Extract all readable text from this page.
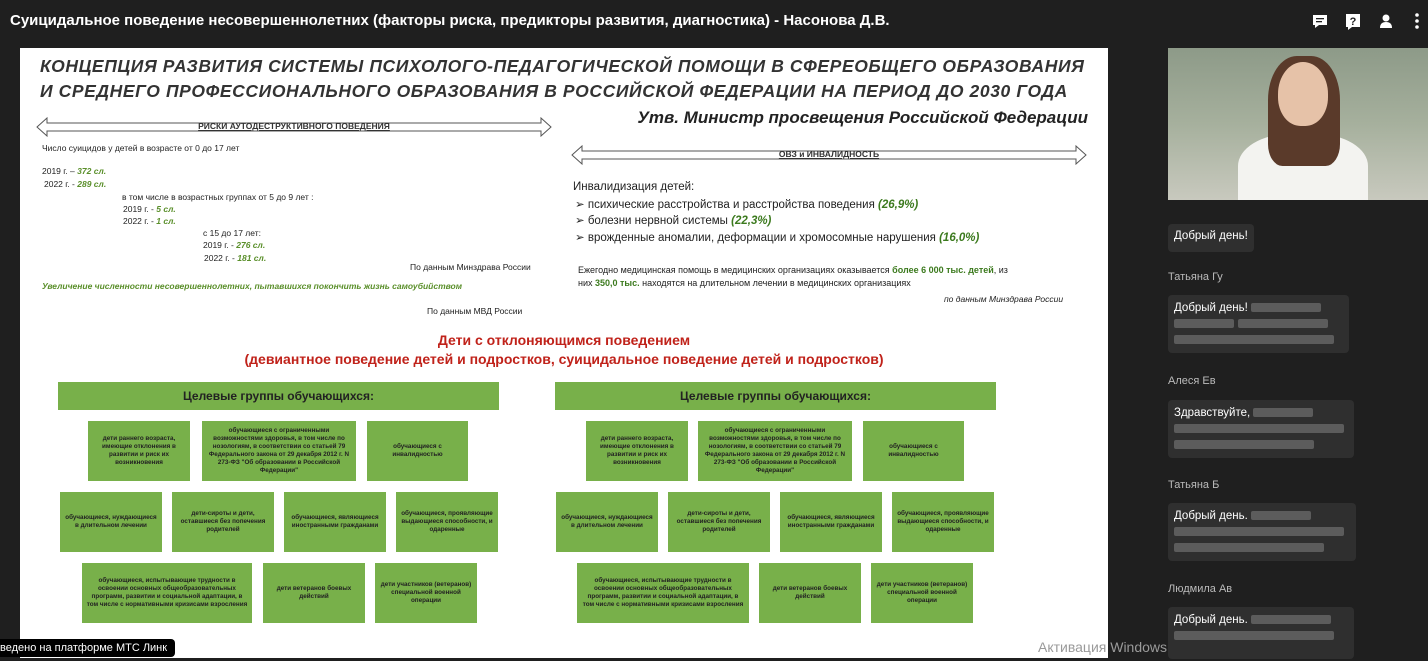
Суицидальное поведение несовершеннолетних (факторы риска, предикторы развития, диагностика) - Насонова Д.В.	?
КОНЦЕПЦИЯ РАЗВИТИЯ СИСТЕМЫ ПСИХОЛОГО-ПЕДАГОГИЧЕСКОЙ ПОМОЩИ В СФЕРЕОБЩЕГО ОБРАЗОВАНИЯ И СРЕДНЕГО ПРОФЕССИОНАЛЬНОГО ОБРАЗОВАНИЯ В РОССИЙСКОЙ ФЕДЕРАЦИИ НА ПЕРИОД ДО 2030 ГОДА
РИСКИ АУТОДЕСТРУКТИВНОГО ПОВЕДЕНИЯ	Утв. Министр просвещения Российской Федерации
ОВЗ и ИНВАЛИДНОСТЬ
Число суицидов у детей в возрасте от 0 до 17 лет
2019 г. – 372 сл.
2022 г. - 289 сл.
в том числе в возрастных группах от 5 до 9 лет :
2019 г. - 5 сл.
2022 г. - 1 сл.
с 15 до 17 лет:
2019 г. - 276 сл.
2022 г. - 181 сл.
По данным Минздрава России
Увеличение численности несовершеннолетних, пытавшихся покончить жизнь самоубийством
По данным МВД России
Инвалидизация детей:
➢ психические расстройства и расстройства поведения (26,9%)
➢ болезни нервной системы (22,3%)
➢ врожденные аномалии, деформации и хромосомные нарушения (16,0%)
Ежегодно медицинская помощь в медицинских организациях оказывается более 6 000 тыс. детей, из
них 350,0 тыс. находятся на длительном лечении в медицинских организациях
по данным Минздрава России
Дети с отклоняющимся поведением
(девиантное поведение детей и подростков, суицидальное поведение детей и подростков)
Целевые группы обучающихся:
дети раннего возраста, имеющие отклонения в развитии и риск их возникновения
обучающиеся с ограниченными возможностями здоровья, в том числе по нозологиям, в соответствии со статьей 79 Федерального закона от 29 декабря 2012 г. N 273-ФЗ "Об образовании в Российской Федерации"
обучающиеся с инвалидностью
обучающиеся, нуждающиеся в длительном лечении
дети-сироты и дети, оставшиеся без попечения родителей
обучающиеся, являющиеся иностранными гражданами
обучающиеся, проявляющие выдающиеся способности, и одаренные
обучающиеся, испытывающие трудности в освоении основных общеобразовательных программ, развитии и социальной адаптации, в том числе с нормативными кризисами взросления
дети ветеранов боевых действий
дети участников (ветеранов) специальной военной операции
Целевые группы обучающихся:
дети раннего возраста, имеющие отклонения в развитии и риск их возникновения
обучающиеся с ограниченными возможностями здоровья, в том числе по нозологиям, в соответствии со статьей 79 Федерального закона от 29 декабря 2012 г. N 273-ФЗ "Об образовании в Российской Федерации"
обучающиеся с инвалидностью
обучающиеся, нуждающиеся в длительном лечении
дети-сироты и дети, оставшиеся без попечения родителей
обучающиеся, являющиеся иностранными гражданами
обучающиеся, проявляющие выдающиеся способности, и одаренные
обучающиеся, испытывающие трудности в освоении основных общеобразовательных программ, развитии и социальной адаптации, в том числе с нормативными кризисами взросления
дети ветеранов боевых действий
дети участников (ветеранов) специальной военной операции
Добрый день!
Татьяна Гу
Добрый день!
Алеся Ев
Здравствуйте,
Татьяна Б
Добрый день.
Людмила Ав
Добрый день.
ведено на платформе МТС Линк	Активация Windows
